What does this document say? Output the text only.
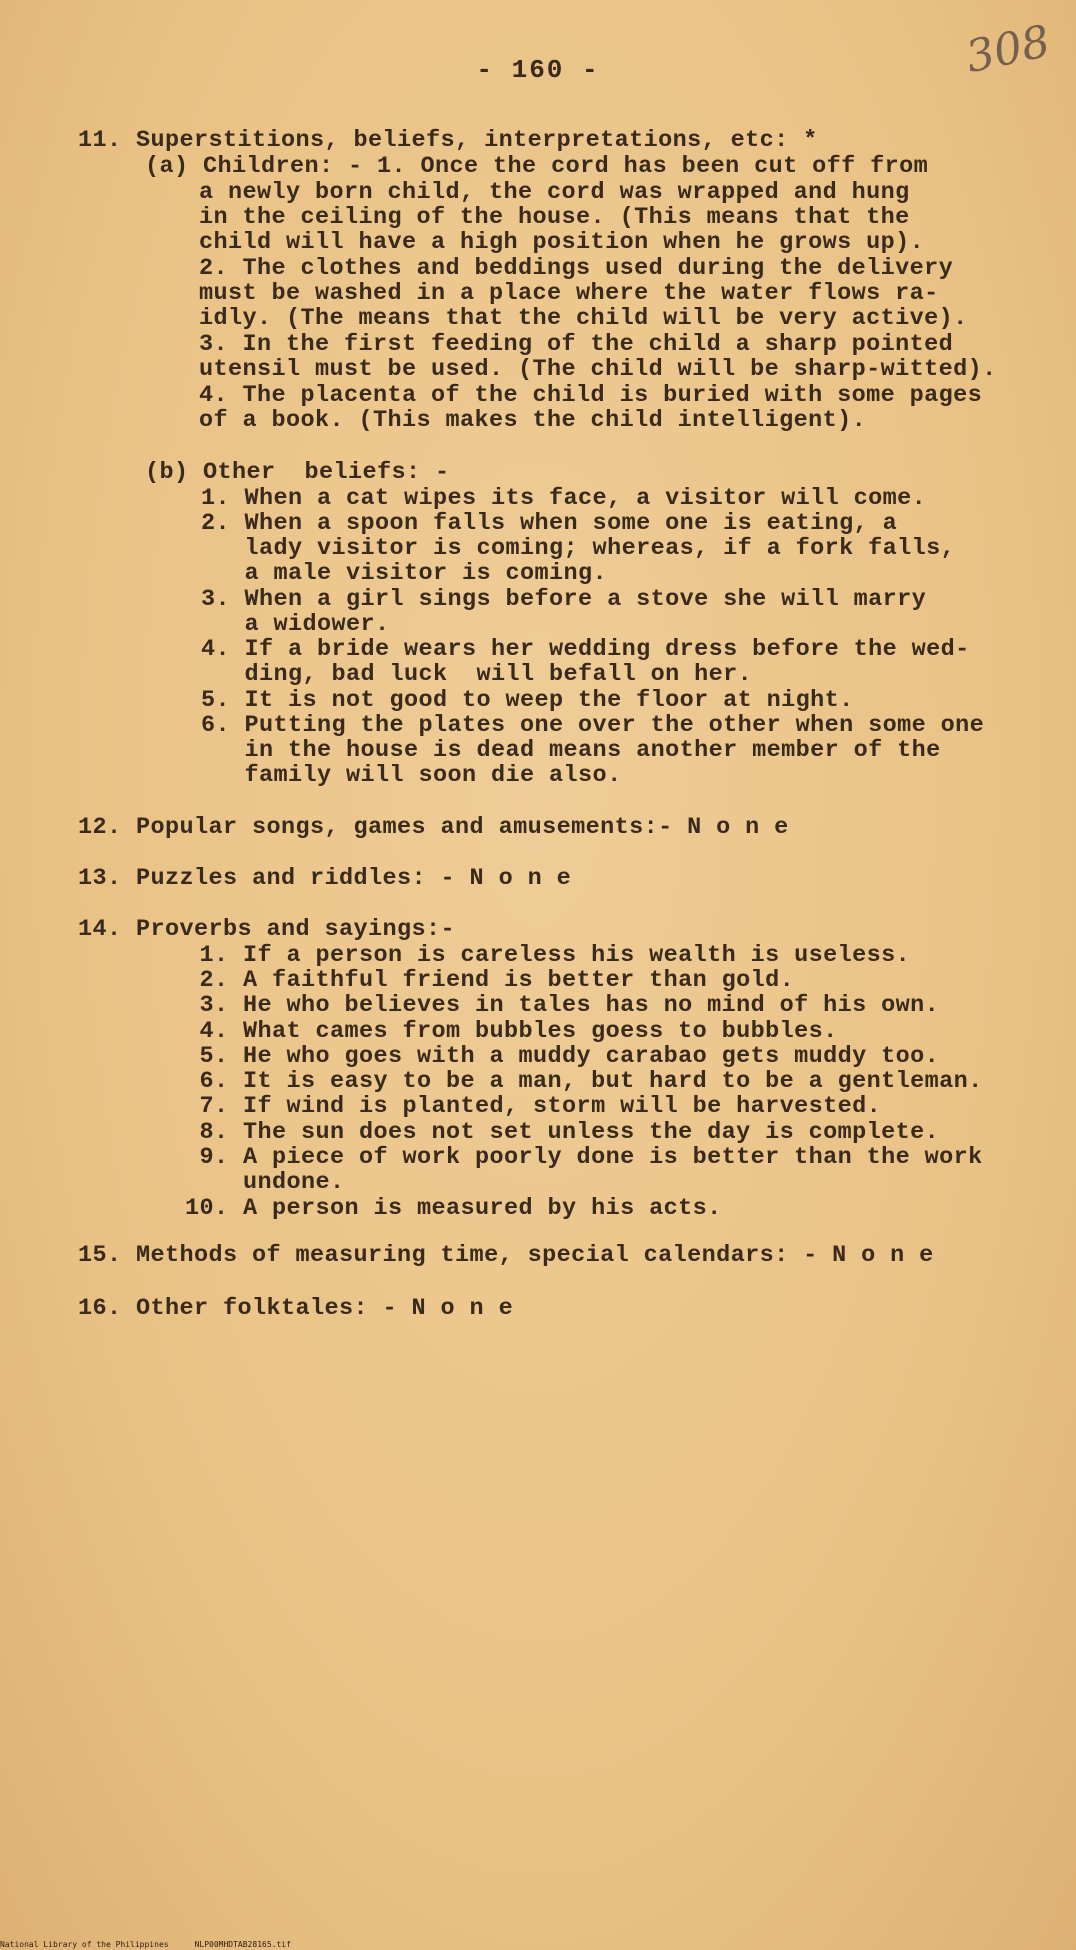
- 160 -	308
11. Superstitions, beliefs, interpretations, etc: *
(a) Children: - 1. Once the cord has been cut off from
a newly born child, the cord was wrapped and hung
in the ceiling of the house. (This means that the
child will have a high position when he grows up).
2. The clothes and beddings used during the delivery
must be washed in a place where the water flows ra-
idly. (The means that the child will be very active).
3. In the first feeding of the child a sharp pointed
utensil must be used. (The child will be sharp-witted).
4. The placenta of the child is buried with some pages
of a book. (This makes the child intelligent).
(b) Other  beliefs: -
1. When a cat wipes its face, a visitor will come.
2. When a spoon falls when some one is eating, a
lady visitor is coming; whereas, if a fork falls,
a male visitor is coming.
3. When a girl sings before a stove she will marry
a widower.
4. If a bride wears her wedding dress before the wed-
ding, bad luck  will befall on her.
5. It is not good to weep the floor at night.
6. Putting the plates one over the other when some one
in the house is dead means another member of the
family will soon die also.
12. Popular songs, games and amusements:- N o n e
13. Puzzles and riddles: - N o n e
14. Proverbs and sayings:-
1. If a person is careless his wealth is useless.
2. A faithful friend is better than gold.
3. He who believes in tales has no mind of his own.
4. What cames from bubbles goess to bubbles.
5. He who goes with a muddy carabao gets muddy too.
6. It is easy to be a man, but hard to be a gentleman.
7. If wind is planted, storm will be harvested.
8. The sun does not set unless the day is complete.
9. A piece of work poorly done is better than the work
undone.
10. A person is measured by his acts.
15. Methods of measuring time, special calendars: - N o n e
16. Other folktales: - N o n e
National Library of the Philippines	NLP00MHDTAB28165.tif
